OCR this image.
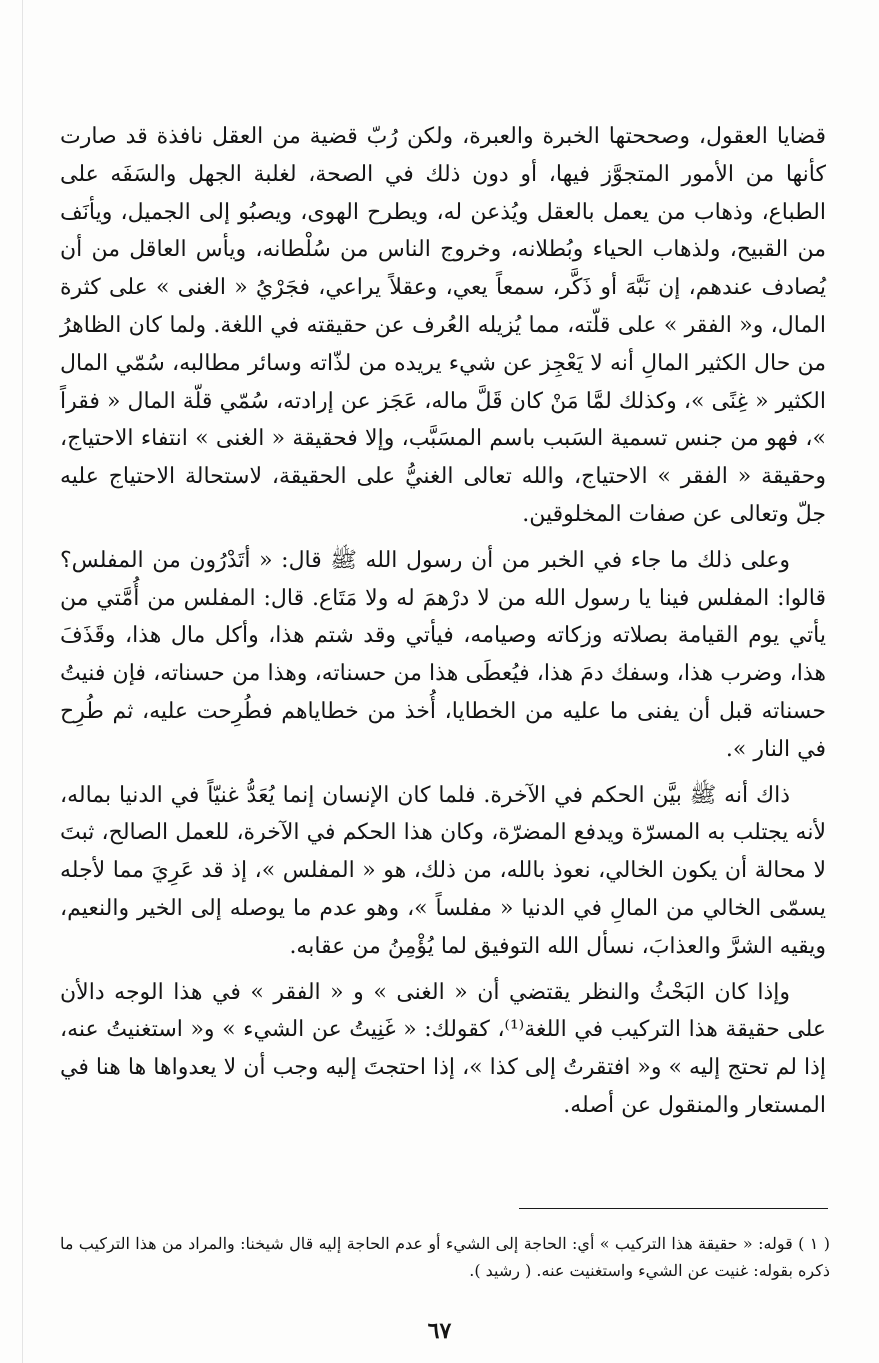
قضايا العقول، وصححتها الخبرة والعبرة، ولكن رُبّ قضية من العقل نافذة قد صارت كأنها من الأمور المتجوَّز فيها، أو دون ذلك في الصحة، لغلبة الجهل والسَفَه على الطباع، وذهاب من يعمل بالعقل ويُذعن له، ويطرح الهوى، ويصبُو إلى الجميل، ويأنَف من القبيح، ولذهاب الحياء وبُطلانه، وخروج الناس من سُلْطانه، ويأس العاقل من أن يُصادف عندهم، إن نَبَّهَ أو ذَكَّر، سمعاً يعي، وعقلاً يراعي، فجَرْيُ « الغنى » على كثرة المال، و« الفقر » على قلّته، مما يُزيله العُرف عن حقيقته في اللغة. ولما كان الظاهرُ من حال الكثير المالِ أنه لا يَعْجِز عن شيء يريده من لذّاته وسائر مطالبه، سُمّي المال الكثير « غِنًى »، وكذلك لمَّا مَنْ كان قَلَّ ماله، عَجَز عن إرادته، سُمّي قلّة المال « فقراً »، فهو من جنس تسمية السَبب باسم المسَبَّب، وإلا فحقيقة « الغنى » انتفاء الاحتياج، وحقيقة « الفقر » الاحتياج، والله تعالى الغنيُّ على الحقيقة، لاستحالة الاحتياج عليه جلّ وتعالى عن صفات المخلوقين.

وعلى ذلك ما جاء في الخبر من أن رسول الله ﷺ قال: « أتَدْرُون من المفلس؟ قالوا: المفلس فينا يا رسول الله من لا درْهمَ له ولا مَتَاع. قال: المفلس من أُمَّتي من يأتي يوم القيامة بصلاته وزكاته وصيامه، فيأتي وقد شتم هذا، وأكل مال هذا، وقَذَفَ هذا، وضرب هذا، وسفك دمَ هذا، فيُعطَى هذا من حسناته، وهذا من حسناته، فإن فنيتُ حسناته قبل أن يفنى ما عليه من الخطايا، أُخذ من خطاياهم فطُرِحت عليه، ثم طُرِح في النار ».

ذاك أنه ﷺ بيَّن الحكم في الآخرة. فلما كان الإنسان إنما يُعَدُّ غنيّاً في الدنيا بماله، لأنه يجتلب به المسرّة ويدفع المضرّة، وكان هذا الحكم في الآخرة، للعمل الصالح، ثبتَ لا محالة أن يكون الخالي، نعوذ بالله، من ذلك، هو « المفلس »، إذ قد عَرِيَ مما لأجله يسمّى الخالي من المالِ في الدنيا « مفلساً »، وهو عدم ما يوصله إلى الخير والنعيم، ويقيه الشرَّ والعذابَ، نسأل الله التوفيق لما يُؤْمِنُ من عقابه.

وإذا كان البَحْثُ والنظر يقتضي أن « الغنى » و « الفقر » في هذا الوجه دالأن على حقيقة هذا التركيب في اللغة⁽¹⁾، كقولك: « غَنِيتُ عن الشيء » و« استغنيتُ عنه، إذا لم تحتج إليه » و« افتقرتُ إلى كذا »، إذا احتجتَ إليه وجب أن لا يعدواها ها هنا في المستعار والمنقول عن أصله.

( ١ ) قوله: « حقيقة هذا التركيب » أي: الحاجة إلى الشيء أو عدم الحاجة إليه قال شيخنا: والمراد من هذا التركيب ما ذكره بقوله: غنيت عن الشيء واستغنيت عنه. ( رشيد ).

٦٧
